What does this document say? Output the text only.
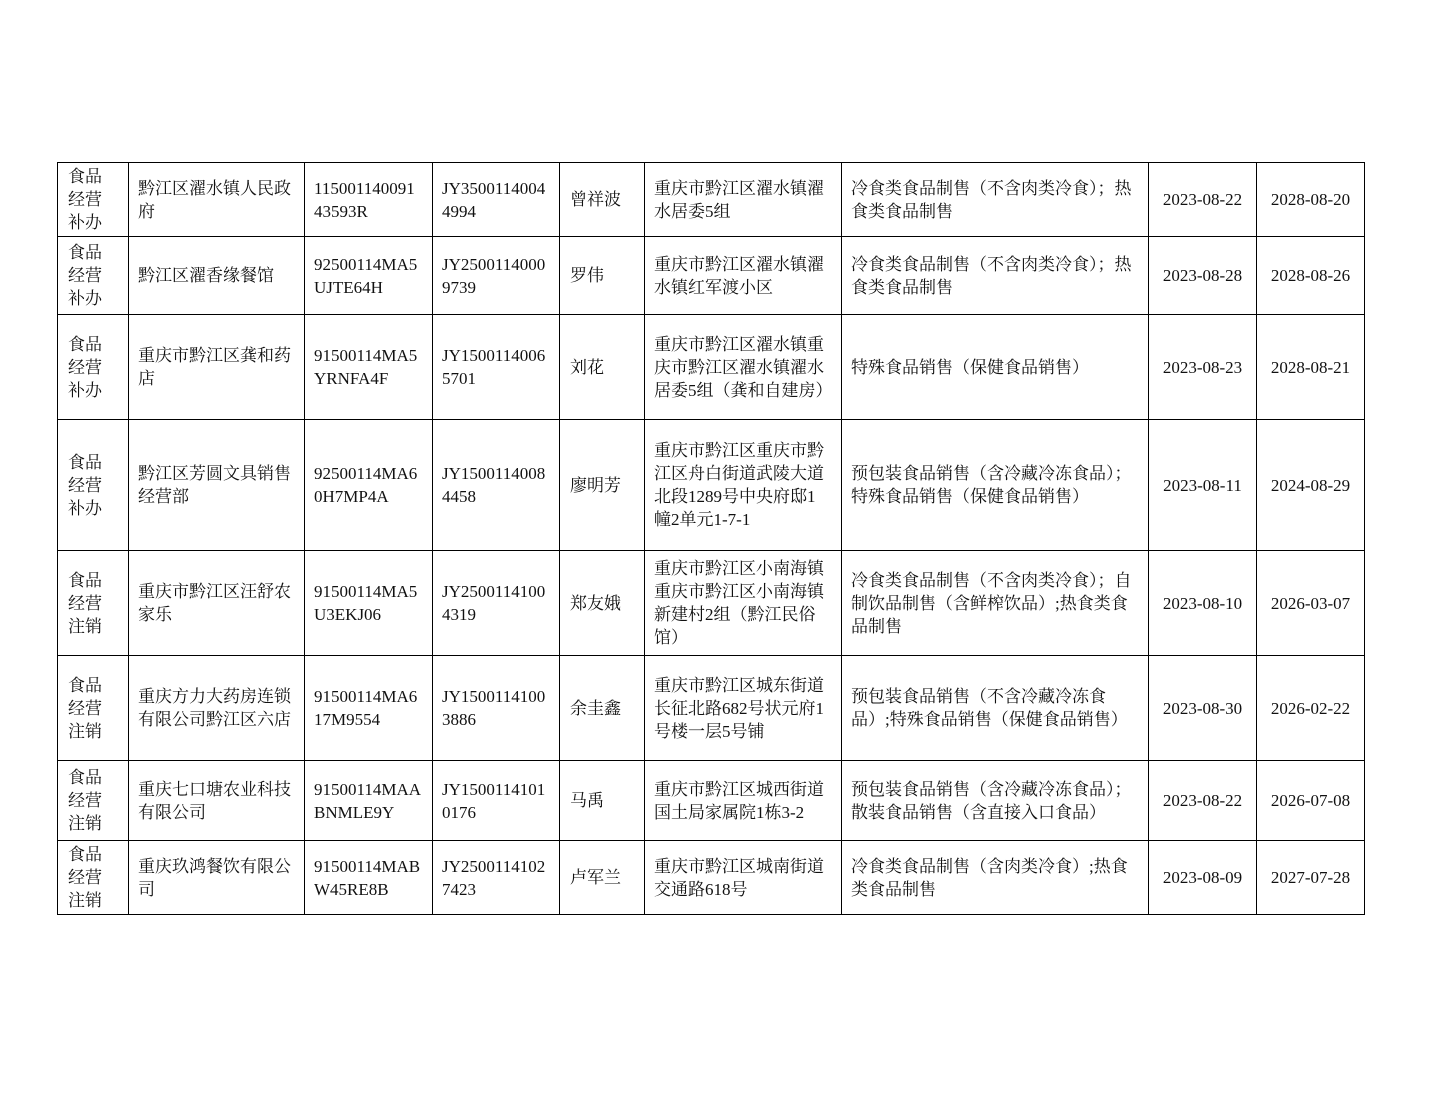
食品
经营
补办	黔江区濯水镇人民政府	11500114009143593R	JY35001140044994	曾祥波	重庆市黔江区濯水镇濯水居委5组	冷食类食品制售（不含肉类冷食）；热食类食品制售	2023-08-22	2028-08-20

食品
经营
补办	黔江区濯香缘餐馆	92500114MA5UJTE64H	JY25001140009739	罗伟	重庆市黔江区濯水镇濯水镇红军渡小区	冷食类食品制售（不含肉类冷食）；热食类食品制售	2023-08-28	2028-08-26

食品
经营
补办	重庆市黔江区龚和药店	91500114MA5YRNFA4F	JY15001140065701	刘花	重庆市黔江区濯水镇重庆市黔江区濯水镇濯水居委5组（龚和自建房）	特殊食品销售（保健食品销售）	2023-08-23	2028-08-21

食品
经营
补办	黔江区芳圆文具销售经营部	92500114MA60H7MP4A	JY15001140084458	廖明芳	重庆市黔江区重庆市黔江区舟白街道武陵大道北段1289号中央府邸1幢2单元1-7-1	预包装食品销售（含冷藏冷冻食品）；特殊食品销售（保健食品销售）	2023-08-11	2024-08-29

食品
经营
注销	重庆市黔江区汪舒农家乐	91500114MA5U3EKJ06	JY25001141004319	郑友娥	重庆市黔江区小南海镇重庆市黔江区小南海镇新建村2组（黔江民俗馆）	冷食类食品制售（不含肉类冷食）；自制饮品制售（含鲜榨饮品）;热食类食品制售	2023-08-10	2026-03-07

食品
经营
注销	重庆方力大药房连锁有限公司黔江区六店	91500114MA617M9554	JY15001141003886	余圭鑫	重庆市黔江区城东街道长征北路682号状元府1号楼一层5号铺	预包装食品销售（不含冷藏冷冻食品）;特殊食品销售（保健食品销售）	2023-08-30	2026-02-22

食品
经营
注销	重庆七口塘农业科技有限公司	91500114MAABNMLE9Y	JY15001141010176	马禹	重庆市黔江区城西街道国土局家属院1栋3-2	预包装食品销售（含冷藏冷冻食品）；散装食品销售（含直接入口食品）	2023-08-22	2026-07-08

食品
经营
注销	重庆玖鸿餐饮有限公司	91500114MABW45RE8B	JY25001141027423	卢军兰	重庆市黔江区城南街道交通路618号	冷食类食品制售（含肉类冷食）;热食类食品制售	2023-08-09	2027-07-28
